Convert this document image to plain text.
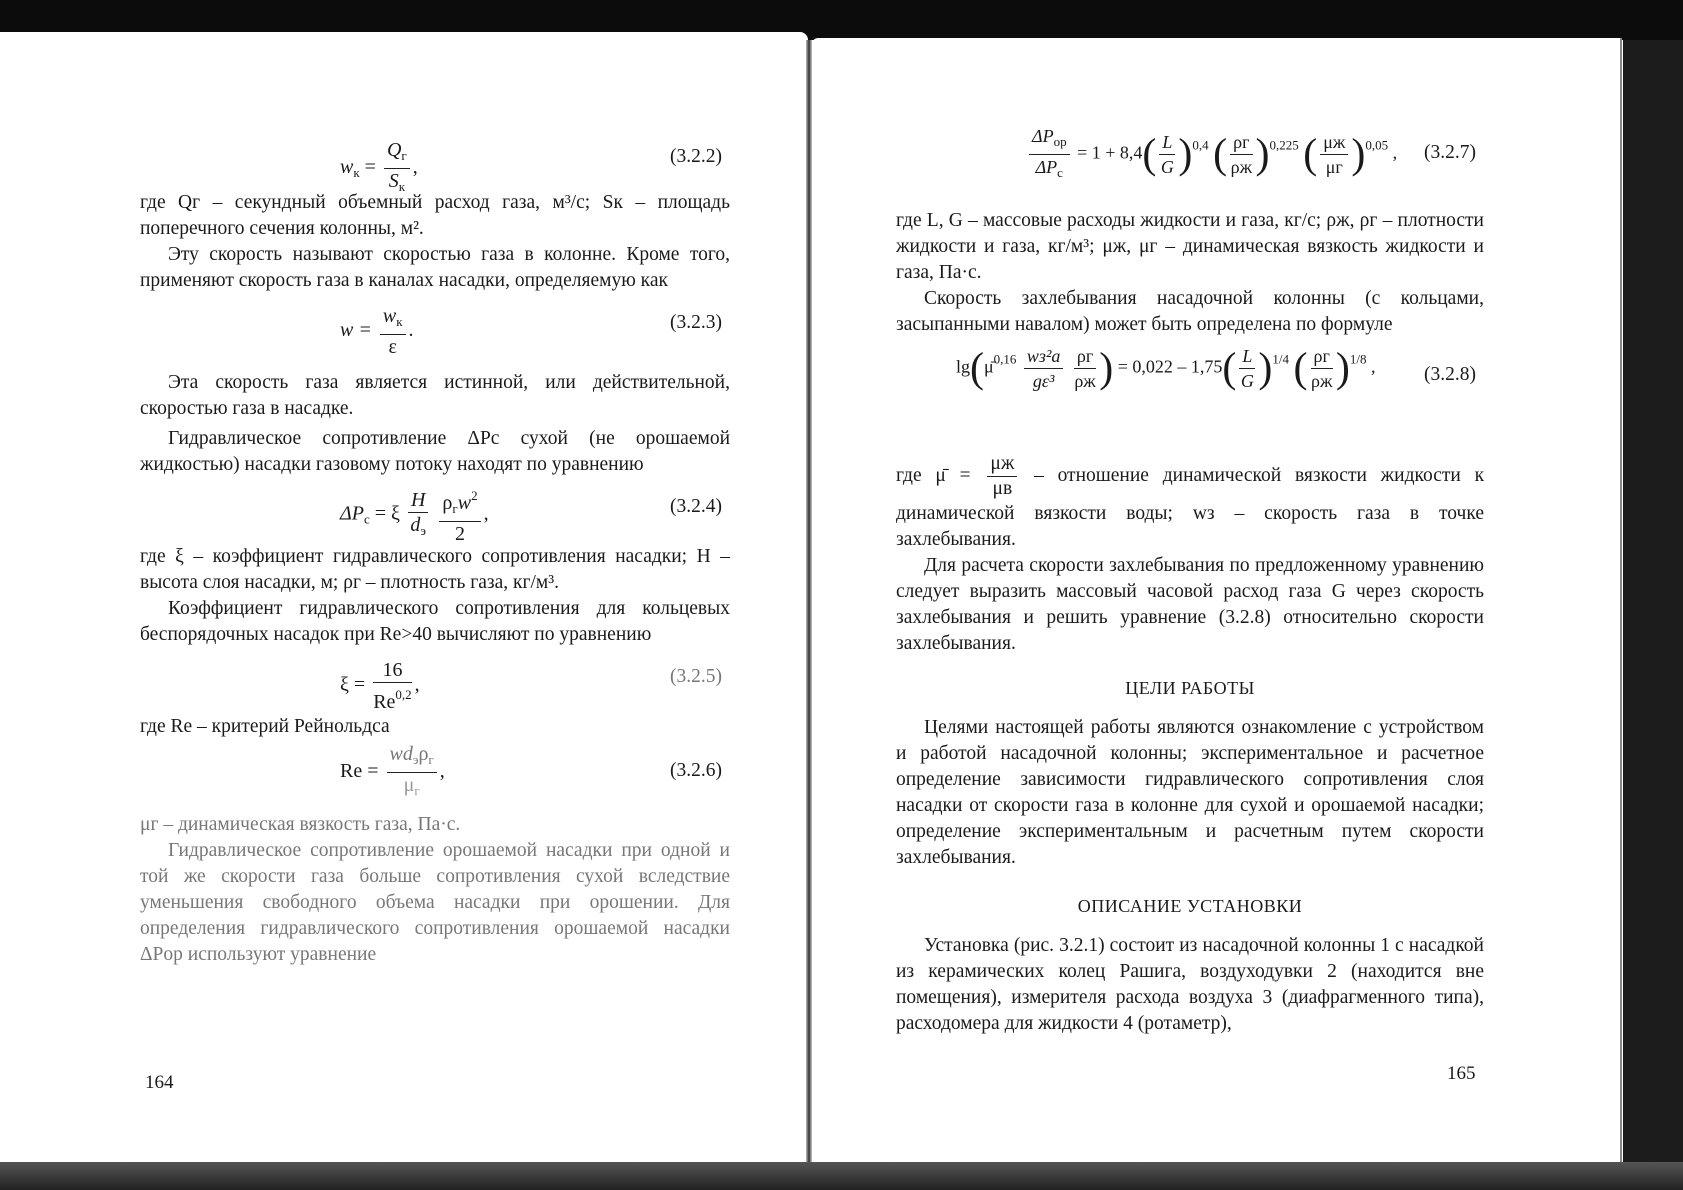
$w_к = \frac{Q_г}{S_к}$ ,	(3.2.2)

где Qг – секундный объемный расход газа, м³/с; Sк – площадь поперечного сечения колонны, м².

Эту скорость называют скоростью газа в колонне. Кроме того, применяют скорость газа в каналах насадки, определяемую как

$w = \frac{w_к}{\varepsilon}$ .	(3.2.3)

Эта скорость газа является истинной, или действительной, скоростью газа в насадке.

Гидравлическое сопротивление ΔPс сухой (не орошаемой жидкостью) насадки газовому потоку находят по уравнению

$\Delta P_с = \xi \frac{H}{d_э}$
$\frac{\rho_гw^2}{2}$ ,	(3.2.4)

где ξ – коэффициент гидравлического сопротивления насадки; H – высота слоя насадки, м; ρг – плотность газа, кг/м³.

Коэффициент гидравлического сопротивления для кольцевых беспорядочных насадок при Re>40 вычисляют по уравнению

$\xi = \frac{16}{Re^{0,2}}$ ,	(3.2.5)

где Re – критерий Рейнольдса

$Re = \frac{wd_э\rho_г}{\mu_г}$ ,	(3.2.6)

μг – динамическая вязкость газа, Па·с.

Гидравлическое сопротивление орошаемой насадки при одной и той же скорости газа больше сопротивления сухой вследствие уменьшения свободного объема насадки при орошении. Для определения гидравлического сопротивления орошаемой насадки ΔPор используют уравнение

164
$\frac{\Delta P_{ор}}{\Delta P_с} = 1 + 8,4( \frac{L}{G} )^{0,4}$ ( $\frac{\rho г}{\rho ж} )^{0,225}$ ( $\frac{\mu ж}{\mu г} )^{0,05}$ , (3.2.7)

где L, G – массовые расходы жидкости и газа, кг/с; ρж, ρг – плотности жидкости и газа, кг/м³; μж, μг – динамическая вязкость жидкости и газа, Па·с.

Скорость захлебывания насадочной колонны (с кольцами, засыпанными навалом) может быть определена по формуле

lg(μ̄$^{0,16}$ $\frac{\text{wз²a}}{\text{gε³}}$
$\frac{\rho г}{\rho ж}$ ) = $0,022 - 1,75( \frac{L}{G} )^{1/4}$ ( $\frac{\rho г}{\rho ж} )^{1/8}$ , (3.2.8)

где μ̄ = $\frac{\mu ж}{\mu в}$ – отношение динамической вязкости жидкости к динамической вязкости воды; wз – скорость газа в точке захлебывания.

Для расчета скорости захлебывания по предложенному уравнению следует выразить массовый часовой расход газа G через скорость захлебывания и решить уравнение (3.2.8) относительно скорости захлебывания.

ЦЕЛИ РАБОТЫ

Целями настоящей работы являются ознакомление с устройством и работой насадочной колонны; экспериментальное и расчетное определение зависимости гидравлического сопротивления слоя насадки от скорости газа в колонне для сухой и орошаемой насадки; определение экспериментальным и расчетным путем скорости захлебывания.

ОПИСАНИЕ УСТАНОВКИ

Установка (рис. 3.2.1) состоит из насадочной колонны 1 с насадкой из керамических колец Рашига, воздуходувки 2 (находится вне помещения), измерителя расхода воздуха 3 (диафрагменного типа), расходомера для жидкости 4 (ротаметр),

165
